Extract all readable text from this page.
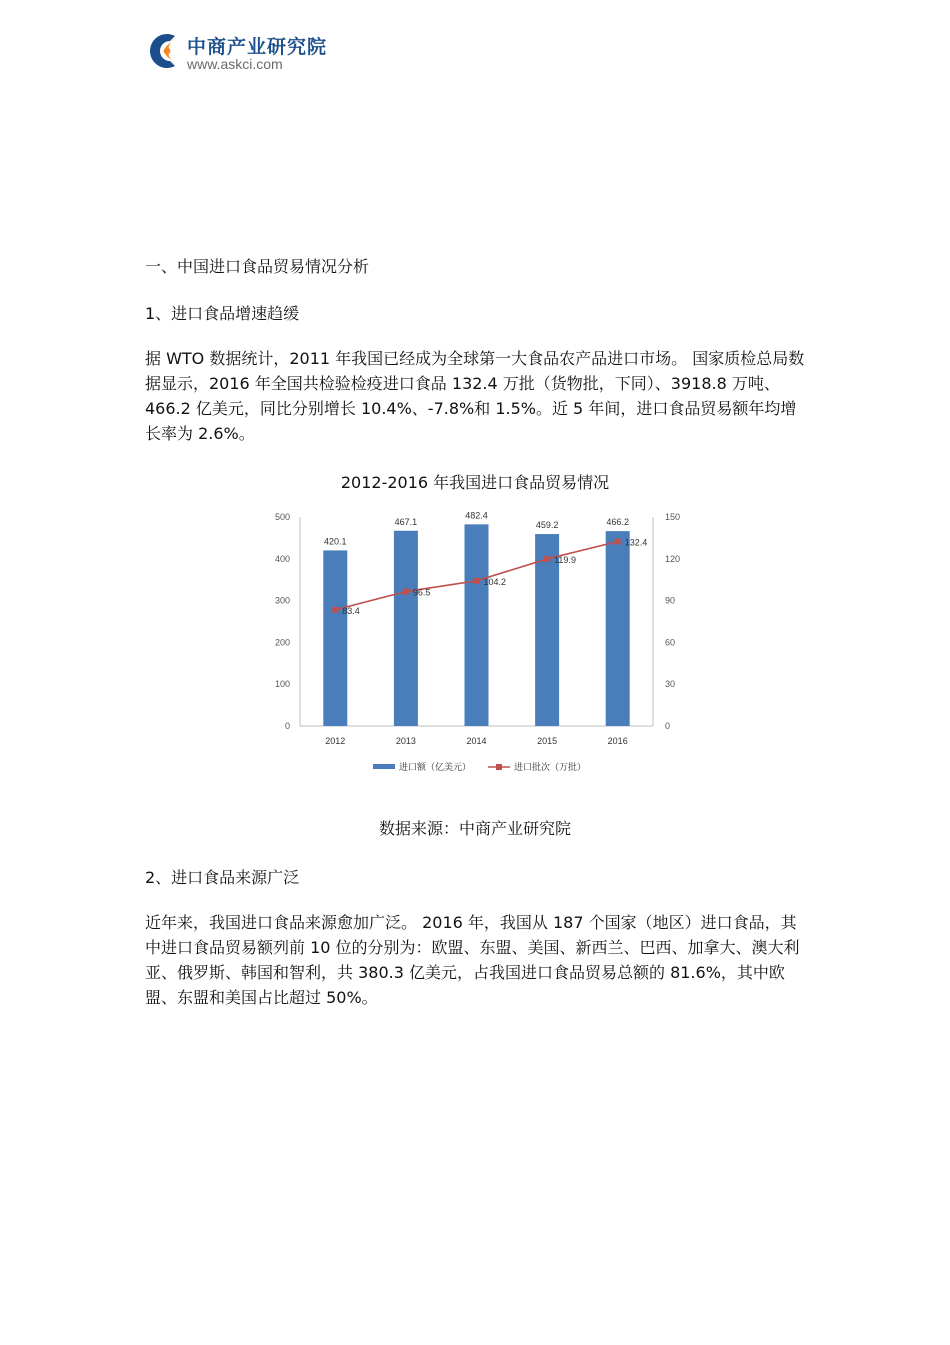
中商产业研究院
www.askci.com
一、中国进口食品贸易情况分析
1、进口食品增速趋缓
据 WTO 数据统计，2011 年我国已经成为全球第一大食品农产品进口市场。 国家质检总局数据显示，2016 年全国共检验检疫进口食品 132.4 万批（货物批，下同）、3918.8 万吨、466.2 亿美元，同比分别增长 10.4%、-7.8%和 1.5%。近 5 年间，进口食品贸易额年均增长率为 2.6%。
2012-2016 年我国进口食品贸易情况
0
100
200
300
400
500
0
30
60
90
120
150
420.1
467.1
482.4
459.2	466.2
2012	2013	2014	2015	2016
83.4
96.5
104.2
119.9
132.4
进口额（亿美元）	进口批次（万批）
数据来源：中商产业研究院
2、进口食品来源广泛
近年来，我国进口食品来源愈加广泛。 2016 年，我国从 187 个国家（地区）进口食品，其中进口食品贸易额列前 10 位的分别为：欧盟、东盟、美国、新西兰、巴西、加拿大、澳大利亚、俄罗斯、韩国和智利，共 380.3 亿美元，占我国进口食品贸易总额的 81.6%，其中欧盟、东盟和美国占比超过 50%。
